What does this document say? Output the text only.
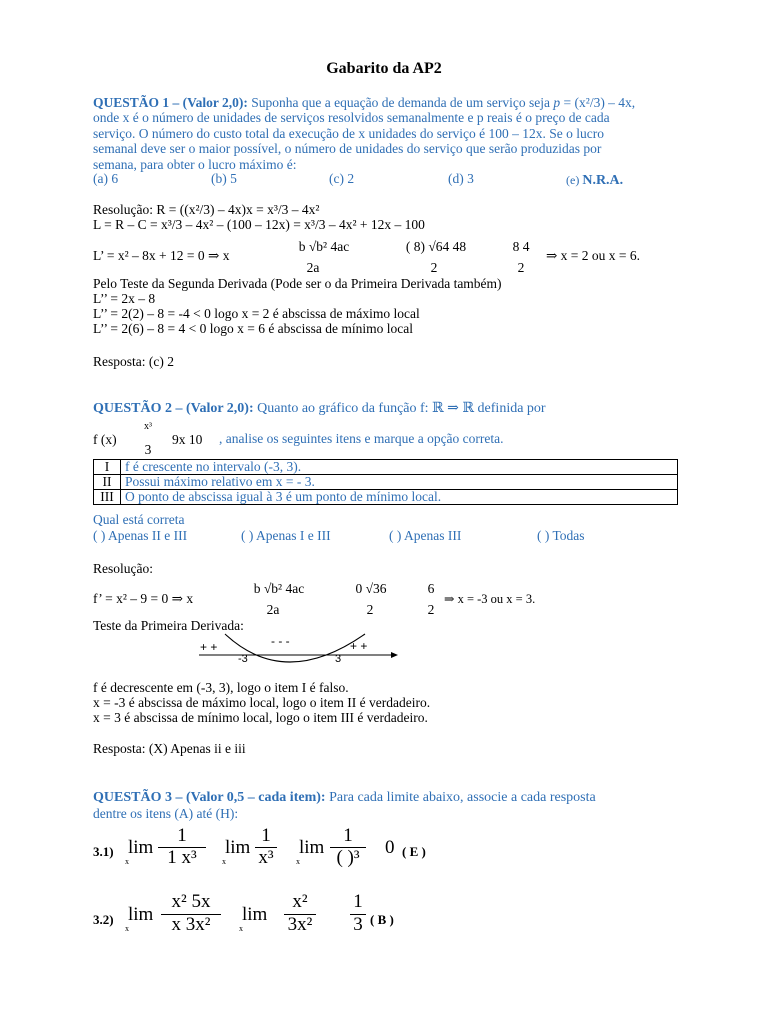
Gabarito da AP2
QUESTÃO 1 – (Valor 2,0): Suponha que a equação de demanda de um serviço seja p = (x²/3) – 4x,
onde x é o número de unidades de serviços resolvidos semanalmente e p reais é o preço de cada
serviço. O número do custo total da execução de x unidades do serviço é 100 – 12x. Se o lucro
semanal deve ser o maior possível, o número de unidades do serviço que serão produzidas por
semana, para obter o lucro máximo é:
(a) 6	(b) 5	(c) 2	(d) 3	(e) N.R.A.
Resolução: R = ((x²/3) – 4x)x = x³/3 – 4x²
L = R – C = x³/3 – 4x² – (100 – 12x) = x³/3 – 4x² + 12x – 100
L’ = x² – 8x + 12 = 0 ⇒ x
b √b² 4ac
2a
( 8) √64 48
2
8 4
2
⇒ x = 2 ou x = 6.
Pelo Teste da Segunda Derivada (Pode ser o da Primeira Derivada também)
L’’ = 2x – 8
L’’ = 2(2) – 8 = -4 < 0 logo x = 2 é abscissa de máximo local
L’’ = 2(6) – 8 = 4 < 0 logo x = 6 é abscissa de mínimo local
Resposta: (c) 2
QUESTÃO 2 – (Valor 2,0): Quanto ao gráfico da função f: ℝ ⇒ ℝ definida por
f (x)
x³
3
9x 10 , analise os seguintes itens e marque a opção correta.
I	f é crescente no intervalo (-3, 3).
II	Possui máximo relativo em x = - 3.
III	O ponto de abscissa igual à 3 é um ponto de mínimo local.
Qual está correta
( ) Apenas II e III	( ) Apenas I e III	( ) Apenas III	( ) Todas
Resolução:
f’ = x² – 9 = 0 ⇒ x
b √b² 4ac
2a
0 √36
2
6
2
⇒ x = -3 ou x = 3.
Teste da Primeira Derivada:
+ +	- - -	+ +
-3	3
f é decrescente em (-3, 3), logo o item I é falso.
x = -3 é abscissa de máximo local, logo o item II é verdadeiro.
x = 3 é abscissa de mínimo local, logo o item III é verdadeiro.
Resposta: (X) Apenas ii e iii
QUESTÃO 3 – (Valor 0,5 – cada item): Para cada limite abaixo, associe a cada resposta
dentre os itens (A) até (H):
3.1) lim
x
1
1 x³	lim
x
1
x³ lim
x
1
( )³	0 ( E )
3.2) lim
x
x² 5x
x 3x²	lim
x
x²
3x²
1
3 ( B )
